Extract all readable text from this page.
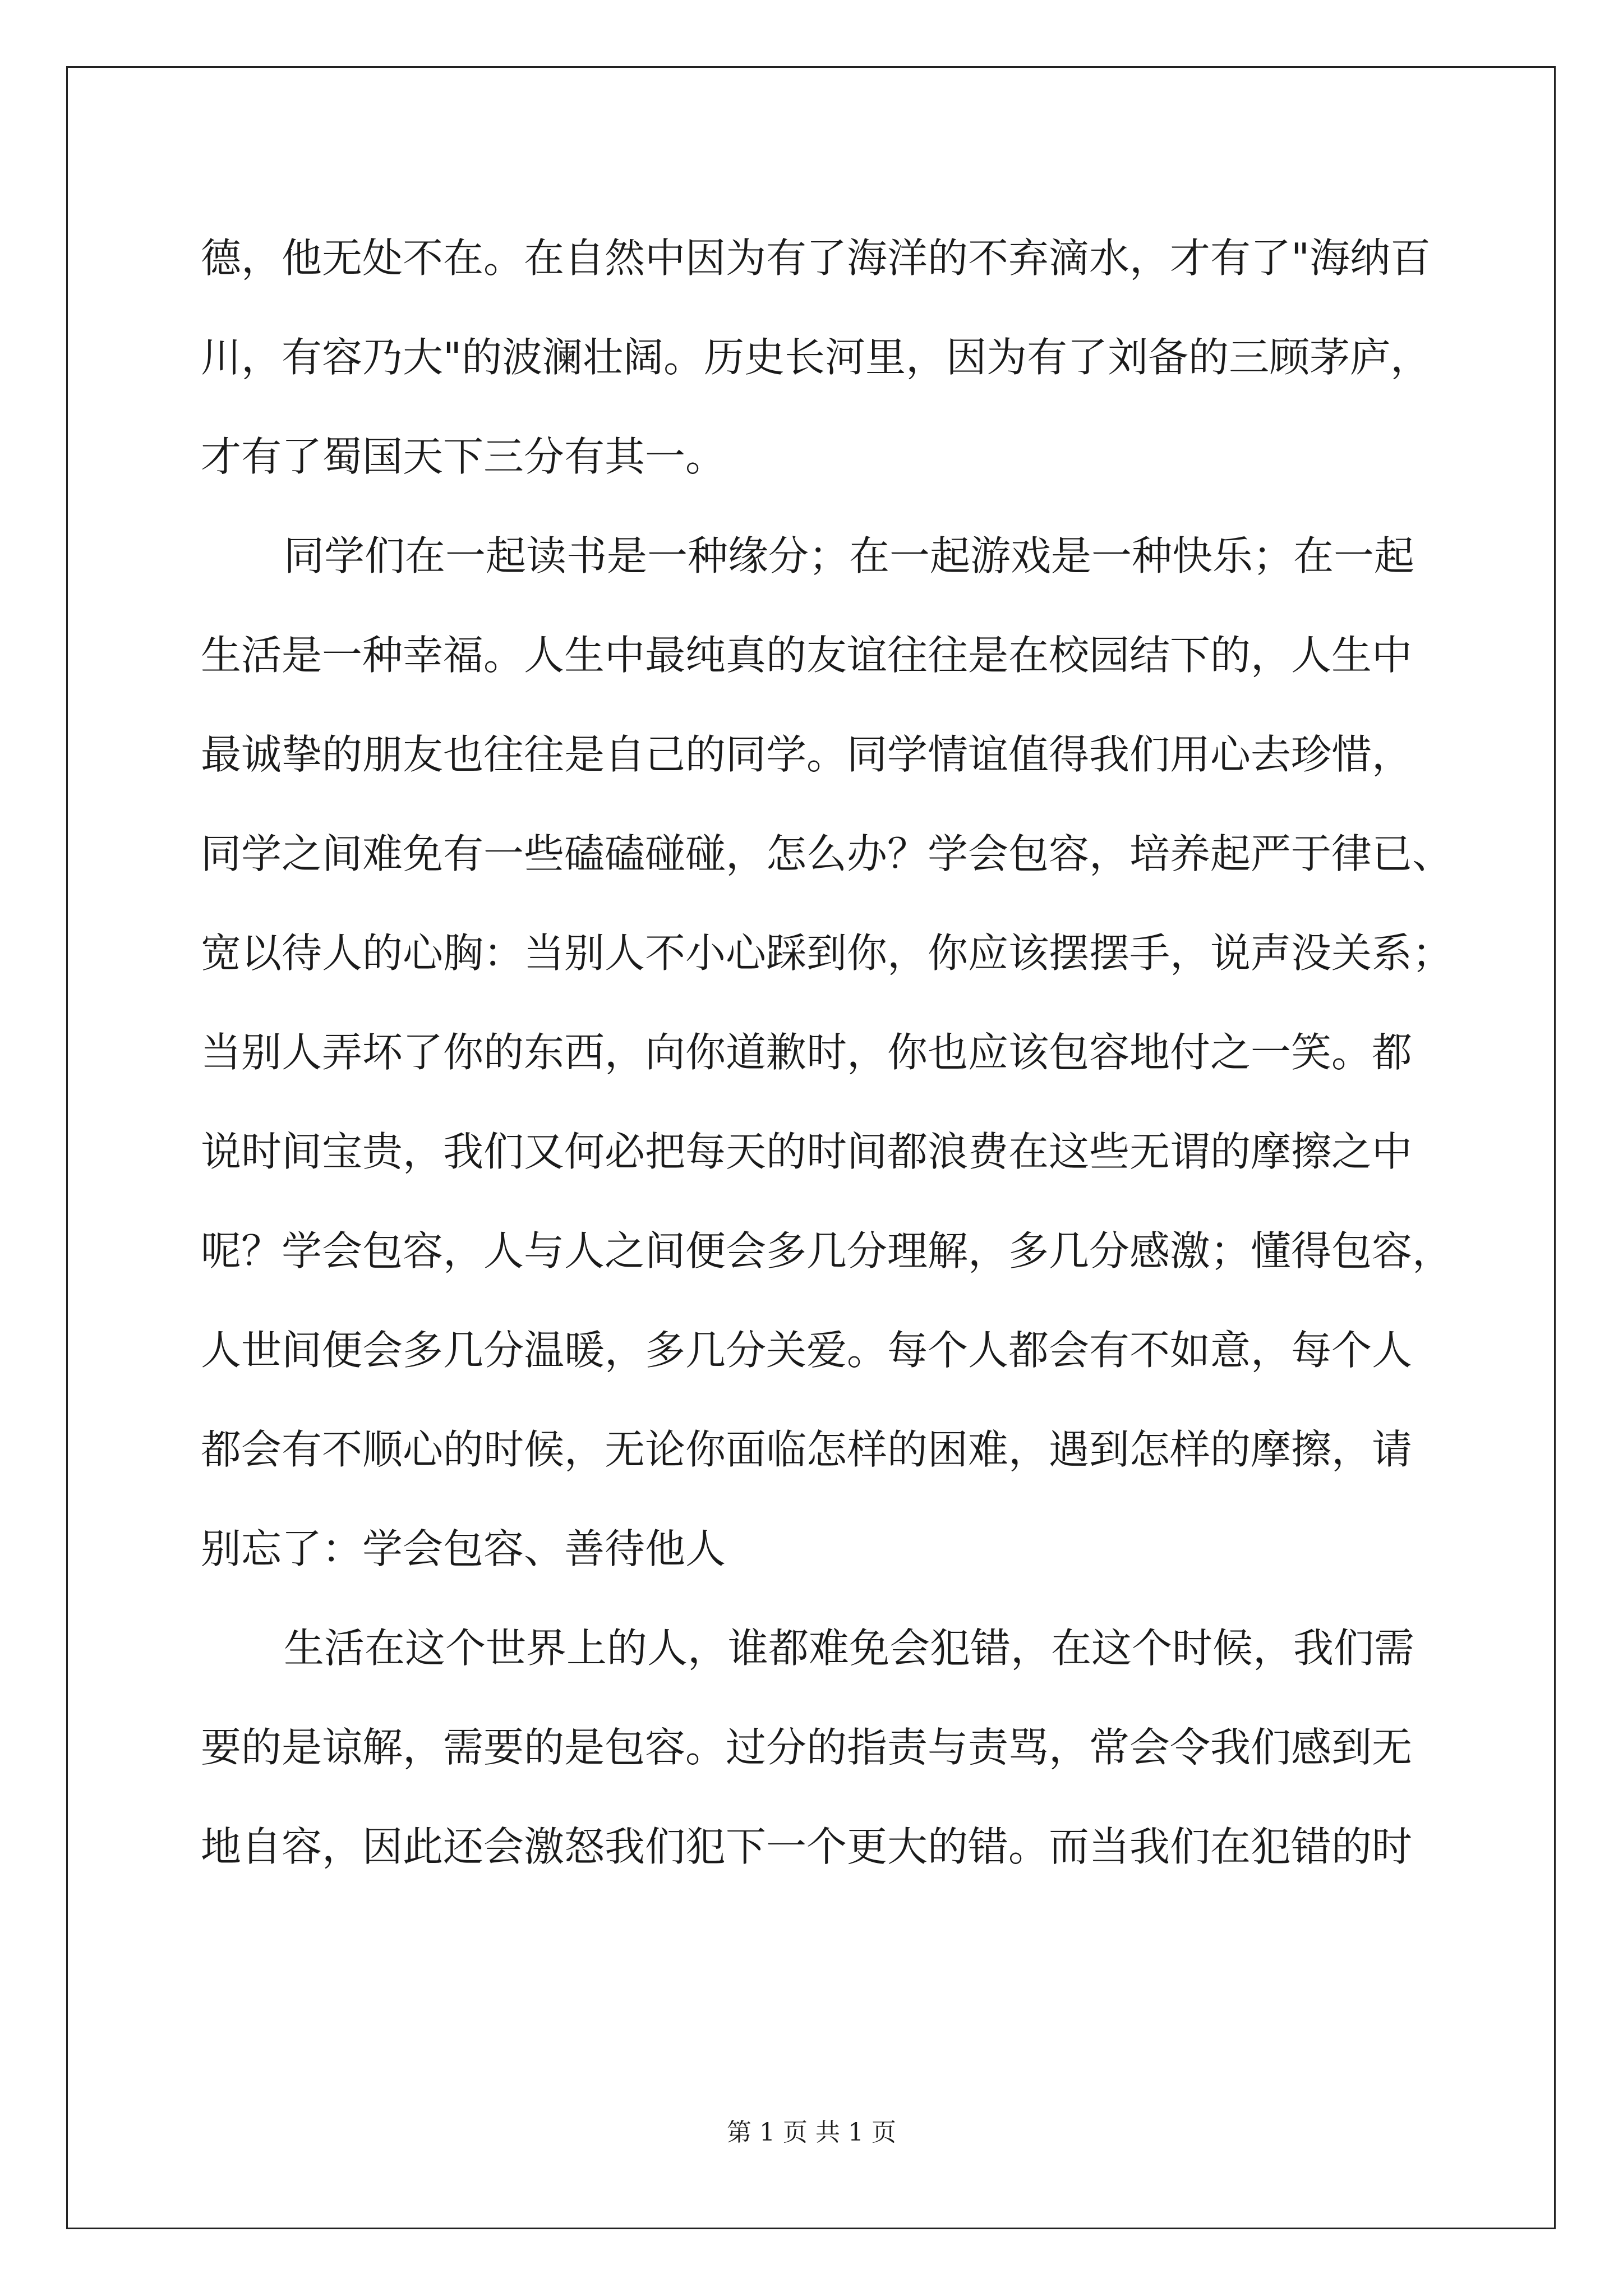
德，他无处不在。在自然中因为有了海洋的不弃滴水，才有了"海纳百
川，有容乃大"的波澜壮阔。历史长河里，因为有了刘备的三顾茅庐，
才有了蜀国天下三分有其一。
同学们在一起读书是一种缘分；在一起游戏是一种快乐；在一起
生活是一种幸福。人生中最纯真的友谊往往是在校园结下的，人生中
最诚挚的朋友也往往是自己的同学。同学情谊值得我们用心去珍惜，
同学之间难免有一些磕磕碰碰，怎么办？学会包容，培养起严于律已、
宽以待人的心胸：当别人不小心踩到你，你应该摆摆手，说声没关系；
当别人弄坏了你的东西，向你道歉时，你也应该包容地付之一笑。都
说时间宝贵，我们又何必把每天的时间都浪费在这些无谓的摩擦之中
呢？学会包容，人与人之间便会多几分理解，多几分感激；懂得包容，
人世间便会多几分温暖，多几分关爱。每个人都会有不如意，每个人
都会有不顺心的时候，无论你面临怎样的困难，遇到怎样的摩擦，请
别忘了：学会包容、善待他人
生活在这个世界上的人，谁都难免会犯错，在这个时候，我们需
要的是谅解，需要的是包容。过分的指责与责骂，常会令我们感到无
地自容，因此还会激怒我们犯下一个更大的错。而当我们在犯错的时
第 1 页 共 1 页
